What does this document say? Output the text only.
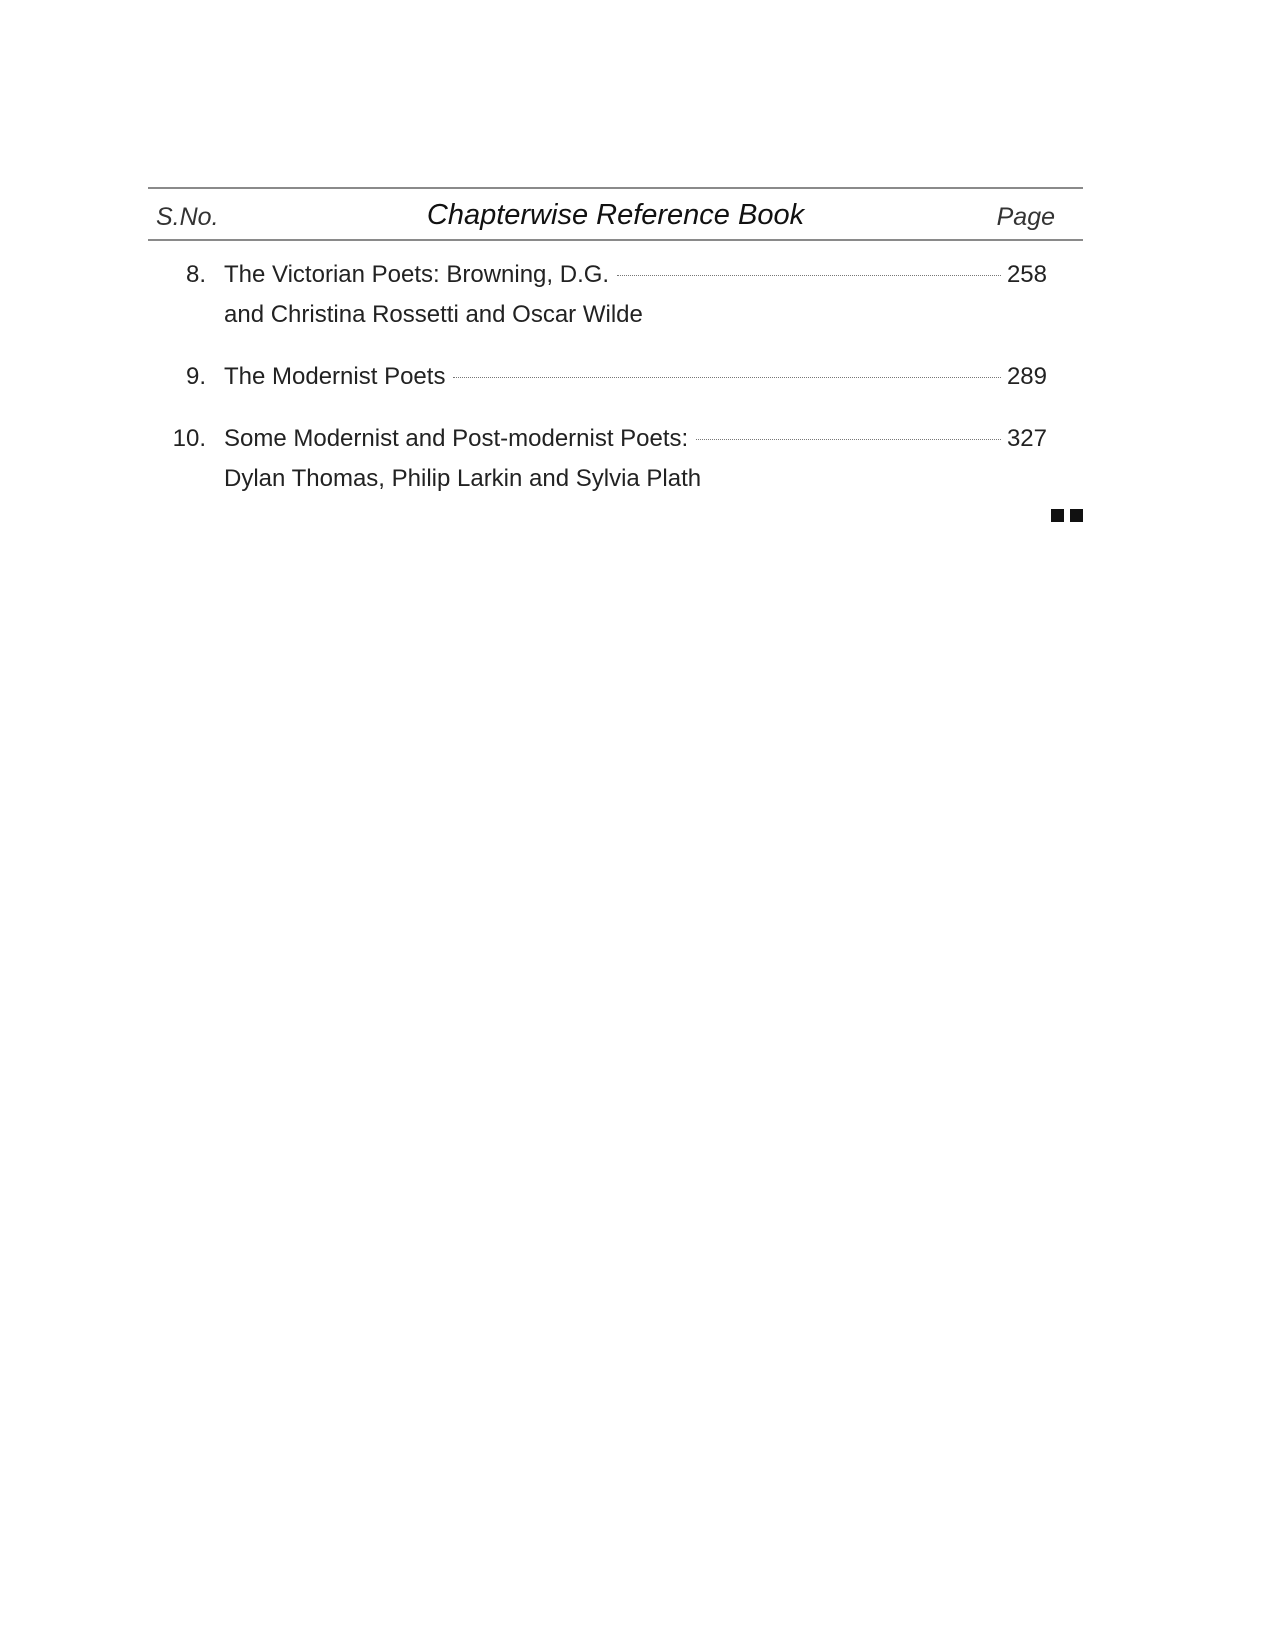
S.No.	Chapterwise Reference Book	Page
8. The Victorian Poets: Browning, D.G.	258
and Christina Rossetti and Oscar Wilde
9. The Modernist Poets	289
10. Some Modernist and Post-modernist Poets:	327
Dylan Thomas, Philip Larkin and Sylvia Plath
